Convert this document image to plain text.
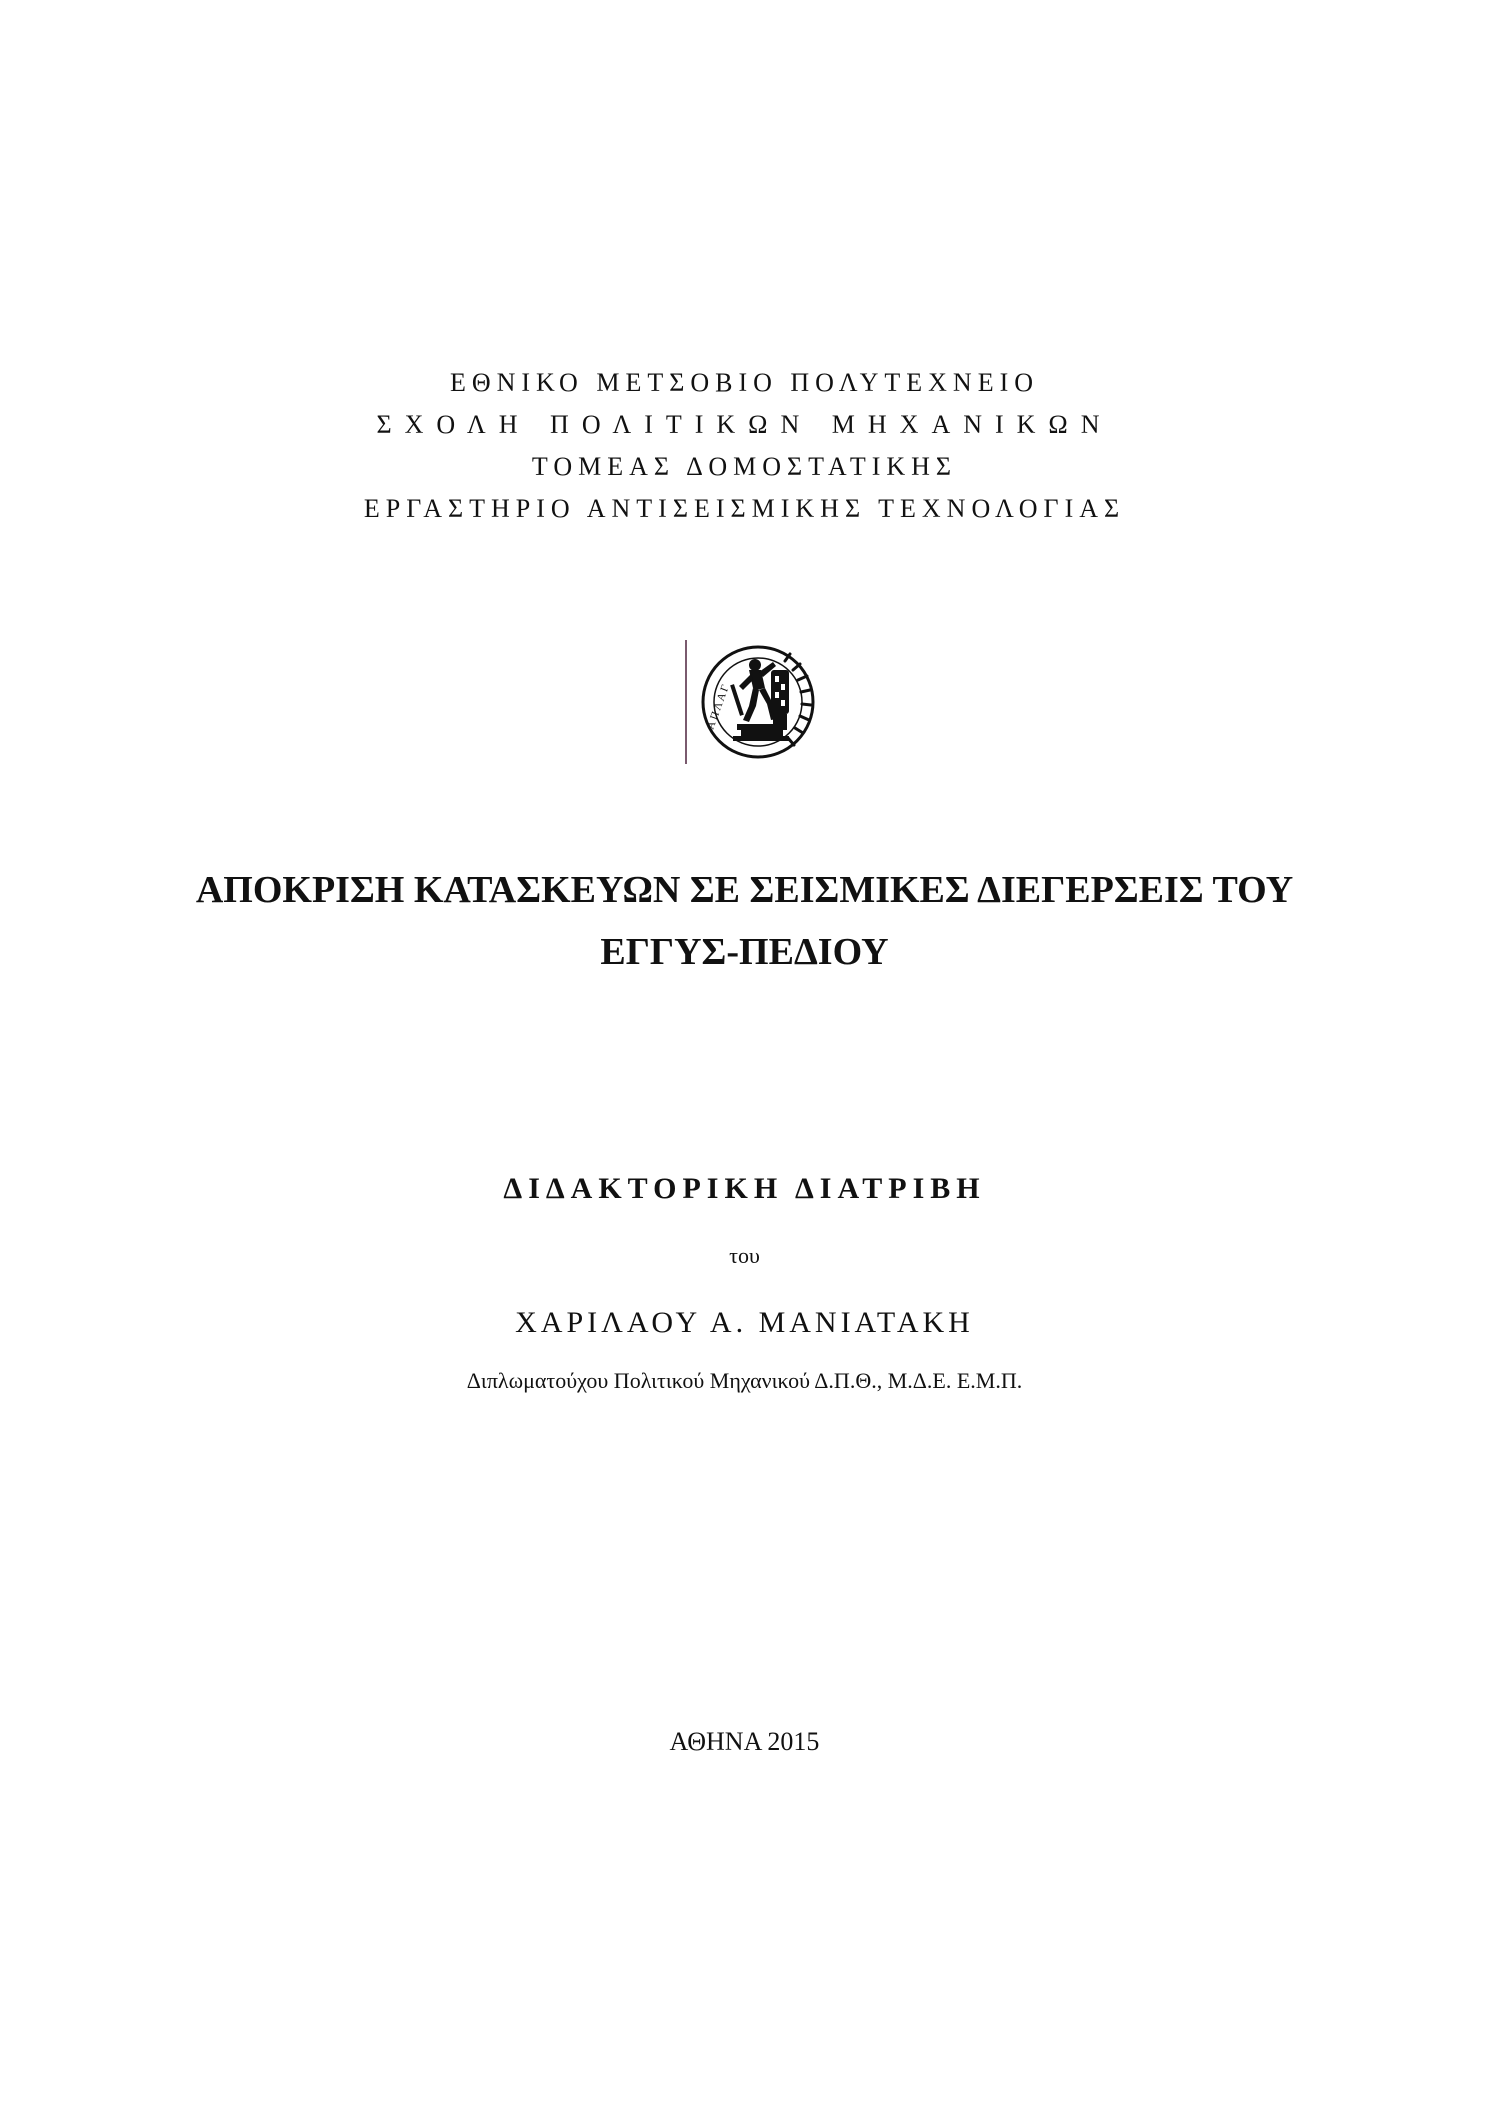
ΕΘΝΙΚΟ ΜΕΤΣΟΒΙΟ ΠΟΛΥΤΕΧΝΕΙΟ
ΣΧΟΛΗ ΠΟΛΙΤΙΚΩΝ ΜΗΧΑΝΙΚΩΝ
ΤΟΜΕΑΣ ΔΟΜΟΣΤΑΤΙΚΗΣ
ΕΡΓΑΣΤΗΡΙΟ ΑΝΤΙΣΕΙΣΜΙΚΗΣ ΤΕΧΝΟΛΟΓΙΑΣ
Α Π Λ Α Γ
ΑΠΟΚΡΙΣΗ ΚΑΤΑΣΚΕΥΩΝ ΣΕ ΣΕΙΣΜΙΚΕΣ ΔΙΕΓΕΡΣΕΙΣ ΤΟΥ
ΕΓΓΥΣ-ΠΕΔΙΟΥ
ΔΙΔΑΚΤΟΡΙΚΗ ΔΙΑΤΡΙΒΗ
του
ΧΑΡΙΛΑΟΥ Α. ΜΑΝΙΑΤΑΚΗ
Διπλωματούχου Πολιτικού Μηχανικού Δ.Π.Θ., Μ.Δ.Ε. Ε.Μ.Π.
ΑΘΗΝΑ 2015
